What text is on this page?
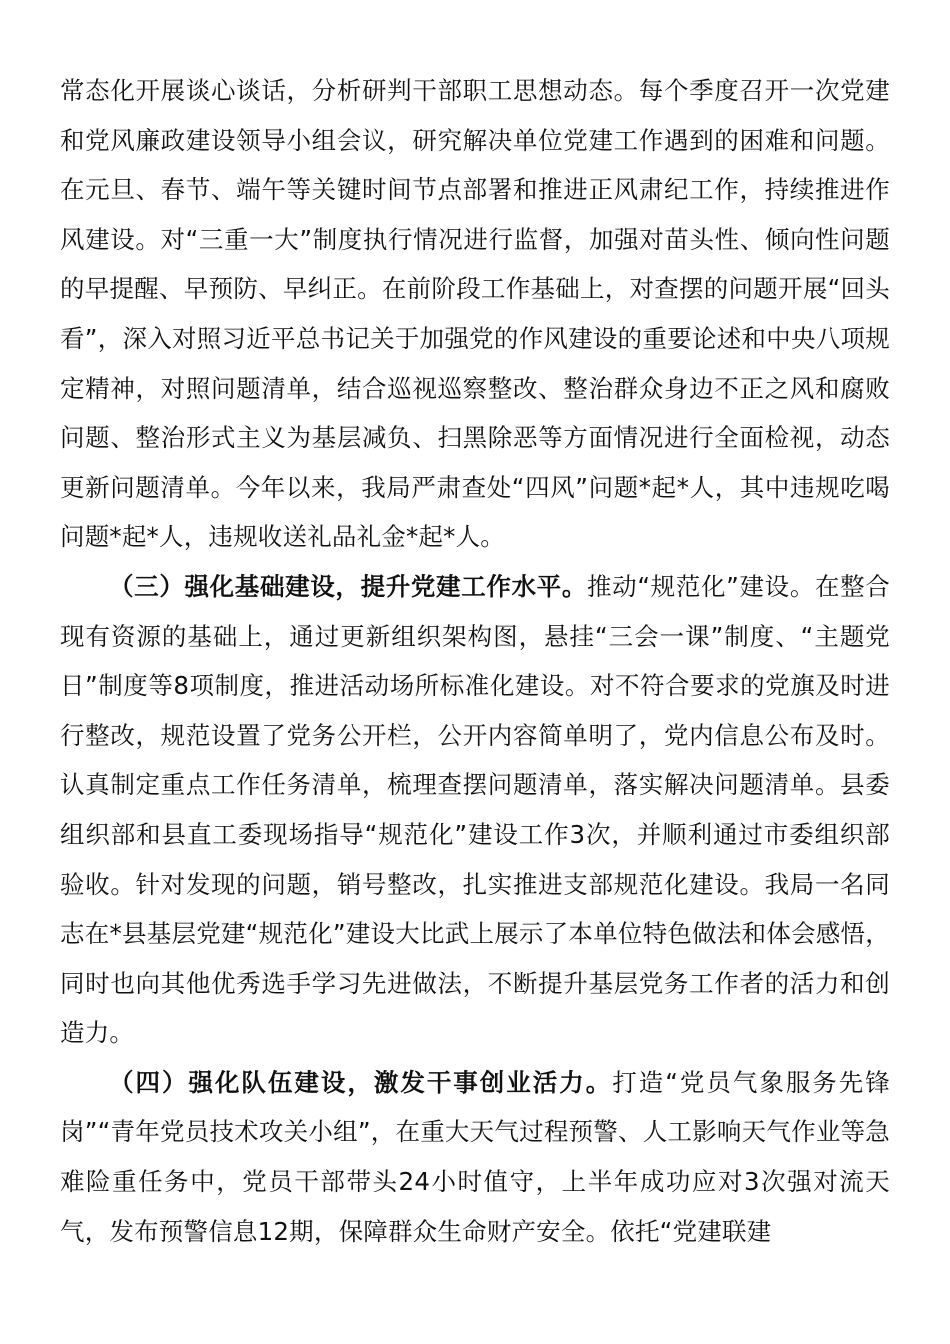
常态化开展谈心谈话，分析研判干部职工思想动态。每个季度召开一次党建和党风廉政建设领导小组会议，研究解决单位党建工作遇到的困难和问题。在元旦、春节、端午等关键时间节点部署和推进正风肃纪工作，持续推进作风建设。对“三重一大”制度执行情况进行监督，加强对苗头性、倾向性问题的早提醒、早预防、早纠正。在前阶段工作基础上，对查摆的问题开展“回头看”，深入对照习近平总书记关于加强党的作风建设的重要论述和中央八项规定精神，对照问题清单，结合巡视巡察整改、整治群众身边不正之风和腐败问题、整治形式主义为基层减负、扫黑除恶等方面情况进行全面检视，动态更新问题清单。今年以来，我局严肃查处“四风”问题*起*人，其中违规吃喝问题*起*人，违规收送礼品礼金*起*人。

（三）强化基础建设，提升党建工作水平。推动“规范化”建设。在整合现有资源的基础上，通过更新组织架构图，悬挂“三会一课”制度、“主题党日”制度等8项制度，推进活动场所标准化建设。对不符合要求的党旗及时进行整改，规范设置了党务公开栏，公开内容简单明了，党内信息公布及时。认真制定重点工作任务清单，梳理查摆问题清单，落实解决问题清单。县委组织部和县直工委现场指导“规范化”建设工作3次，并顺利通过市委组织部验收。针对发现的问题，销号整改，扎实推进支部规范化建设。我局一名同志在*县基层党建“规范化”建设大比武上展示了本单位特色做法和体会感悟，同时也向其他优秀选手学习先进做法，不断提升基层党务工作者的活力和创造力。

（四）强化队伍建设，激发干事创业活力。打造“党员气象服务先锋岗”“青年党员技术攻关小组”，在重大天气过程预警、人工影响天气作业等急难险重任务中，党员干部带头24小时值守，上半年成功应对3次强对流天气，发布预警信息12期，保障群众生命财产安全。依托“党建联建
